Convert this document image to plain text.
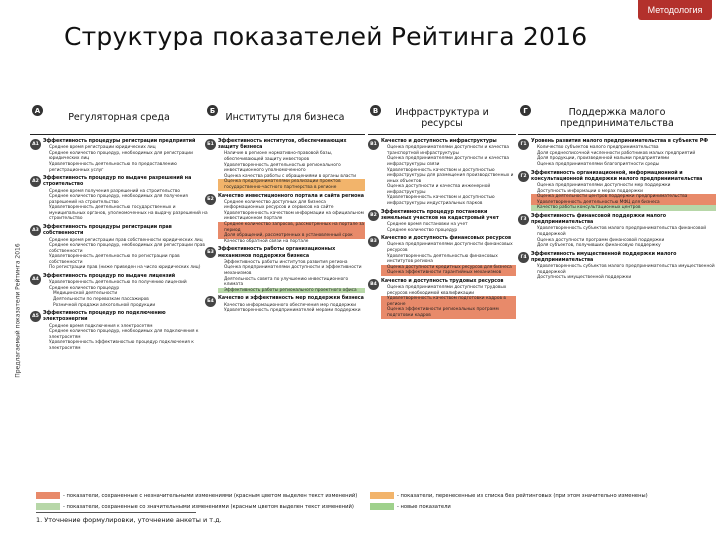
Методология
Структура показателей Рейтинга 2016
Предлагаемый показатели Рейтинга 2016
А
Регуляторная среда
А1
Эффективность процедуры регистрации предприятий
Среднее время регистрации юридических лиц
Среднее количество процедур, необходимых для регистрации юридических лиц
Удовлетворенность деятельностью по предоставлению регистрационных услуг
А2
Эффективность процедур по выдаче разрешений на строительство
Среднее время получения разрешений на строительство
Среднее количество процедур, необходимых для получения разрешений на строительство
Удовлетворенность деятельностью государственных и муниципальных органов, уполномоченных на выдачу разрешений на строительство
А3
Эффективность процедуры регистрации прав собственности
Среднее время регистрации прав собственности юридических лиц
Среднее количество процедур, необходимых для регистрации прав собственности
Удовлетворенность деятельностью по регистрации прав собственности
По регистрации прав (ниже приведен на число юридических лиц)
А4
Эффективность процедур по выдаче лицензий
Удовлетворенность деятельностью по получению лицензий
Среднее количество процедур
Медицинской деятельности
Деятельности по перевозкам пассажиров
Розничной продажи алкогольной продукции
А5
Эффективность процедур по подключению электроэнергии
Среднее время подключения к электросетям
Среднее количество процедур, необходимых для подключения к электросетям
Удовлетворенность эффективностью процедур подключения к электросетям
Б
Институты для бизнеса
Б1
Эффективность институтов, обеспечивающих защиту бизнеса
Наличие в регионе нормативно-правовой базы, обеспечивающей защиту инвесторов
Удовлетворенность деятельностью регионального инвестиционного уполномоченного
Оценка качества работы с обращениями в органы власти
Оценка предпринимателями реализации проектов государственно-частного партнерства в регионе
Б2
Качество инвестиционного портала и сайта региона
Среднее количество доступных для бизнеса информационных ресурсов и сервисов на сайте
Удовлетворенность качеством информации на официальном инвестиционном портале
Среднее количество запросов, рассмотренных на портале за период
Доля обращений, рассмотренных в установленный срок
Качество обратной связи на портале
Б3
Эффективность работы организационных механизмов поддержки бизнеса
Эффективность работы институтов развития региона
Оценка предпринимателями доступности и эффективности механизмов
Деятельность совета по улучшению инвестиционного климата
Эффективность работы регионального проектного офиса
Б4
Качество и эффективность мер поддержки бизнеса
Качество информационного обеспечения мер поддержки
Удовлетворенность предпринимателей мерами поддержки
В	Инфраструктура и ресурсы
В1
Качество и доступность инфраструктуры
Оценка предпринимателями доступности и качества транспортной инфраструктуры
Оценка предпринимателями доступности и качества инфраструктуры связи
Удовлетворенность качеством и доступностью инфраструктуры для размещения производственных и иных объектов
Оценка доступности и качества инженерной инфраструктуры
Удовлетворенность качеством и доступностью инфраструктуры индустриальных парков
В2
Эффективность процедур постановки земельных участков на кадастровый учет
Среднее время постановки на учет
Среднее количество процедур
В3
Качество и доступность финансовых ресурсов
Оценка предпринимателями доступности финансовых ресурсов
Удовлетворенность деятельностью финансовых институтов региона
Оценка доступности кредитных ресурсов для бизнеса
Оценка эффективности гарантийных механизмов
В4
Качество и доступность трудовых ресурсов
Оценка предпринимателями доступности трудовых ресурсов необходимой квалификации
Удовлетворенность качеством подготовки кадров в регионе
Оценка эффективности региональных программ подготовки кадров
Г	Поддержка малого предпринимательства
Г1
Уровень развития малого предпринимательства в субъекте РФ
Количество субъектов малого предпринимательства
Доля среднесписочной численности работников малых предприятий
Доля продукции, произведенной малыми предприятиями
Оценка предпринимателями благоприятности среды
Г2
Эффективность организационной, информационной и консультационной поддержки малого предпринимательства
Оценка предпринимателями доступности мер поддержки
Доступность информации о мерах поддержки
Оценка деятельности центров поддержки предпринимательства
Удовлетворенность деятельностью МФЦ для бизнеса
Качество работы консультационных центров
Г3
Эффективность финансовой поддержки малого предпринимательства
Удовлетворенность субъектов малого предпринимательства финансовой поддержкой
Оценка доступности программ финансовой поддержки
Доля субъектов, получивших финансовую поддержку
Г4
Эффективность имущественной поддержки малого предпринимательства
Удовлетворенность субъектов малого предпринимательства имущественной поддержкой
Доступность имущественной поддержки
- показатели, сохраненные с незначительными изменениями (красным цветом выделен текст изменений)	- показатели, перенесенные из списка без рейтинговых (при этом значительно изменены)
- показатели, сохраненные со значительными изменениями (красным цветом выделен текст изменений)	- новые показатели
1. Уточнение формулировки, уточнение анкеты и т.д.
